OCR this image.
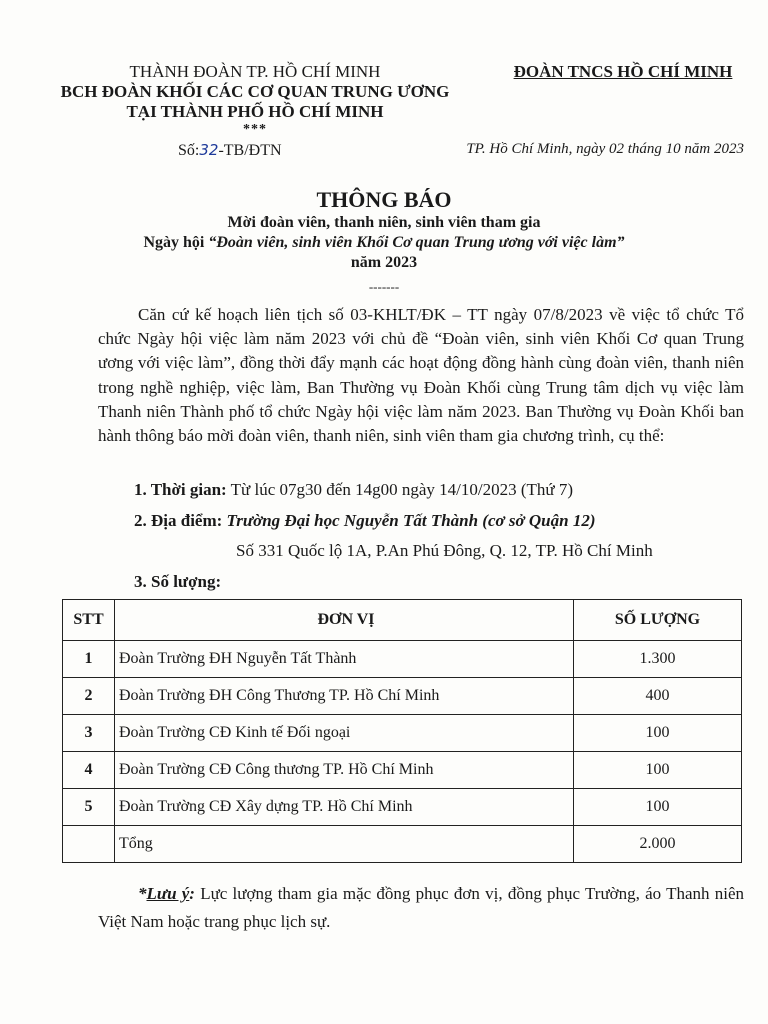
THÀNH ĐOÀN TP. HỒ CHÍ MINH
BCH ĐOÀN KHỐI CÁC CƠ QUAN TRUNG ƯƠNG
TẠI THÀNH PHỐ HỒ CHÍ MINH
***
Số:32-TB/ĐTN
ĐOÀN TNCS HỒ CHÍ MINH
TP. Hồ Chí Minh, ngày 02 tháng 10 năm 2023
THÔNG BÁO
Mời đoàn viên, thanh niên, sinh viên tham gia
Ngày hội “Đoàn viên, sinh viên Khối Cơ quan Trung ương với việc làm”
năm 2023
-------
Căn cứ kế hoạch liên tịch số 03-KHLT/ĐK – TT ngày 07/8/2023 về việc tổ chức Tổ chức Ngày hội việc làm năm 2023 với chủ đề “Đoàn viên, sinh viên Khối Cơ quan Trung ương với việc làm”, đồng thời đẩy mạnh các hoạt động đồng hành cùng đoàn viên, thanh niên trong nghề nghiệp, việc làm, Ban Thường vụ Đoàn Khối cùng Trung tâm dịch vụ việc làm Thanh niên Thành phố tổ chức Ngày hội việc làm năm 2023. Ban Thường vụ Đoàn Khối ban hành thông báo mời đoàn viên, thanh niên, sinh viên tham gia chương trình, cụ thể:
1. Thời gian: Từ lúc 07g30 đến 14g00 ngày 14/10/2023 (Thứ 7)
2. Địa điểm: Trường Đại học Nguyễn Tất Thành (cơ sở Quận 12)
Số 331 Quốc lộ 1A, P.An Phú Đông, Q. 12, TP. Hồ Chí Minh
3. Số lượng:
STT	ĐƠN VỊ	SỐ LƯỢNG
1	Đoàn Trường ĐH Nguyễn Tất Thành	1.300
2	Đoàn Trường ĐH Công Thương TP. Hồ Chí Minh	400
3	Đoàn Trường CĐ Kinh tế Đối ngoại	100
4	Đoàn Trường CĐ Công thương TP. Hồ Chí Minh	100
5	Đoàn Trường CĐ Xây dựng TP. Hồ Chí Minh	100
	Tổng	2.000
*Lưu ý: Lực lượng tham gia mặc đồng phục đơn vị, đồng phục Trường, áo Thanh niên Việt Nam hoặc trang phục lịch sự.
